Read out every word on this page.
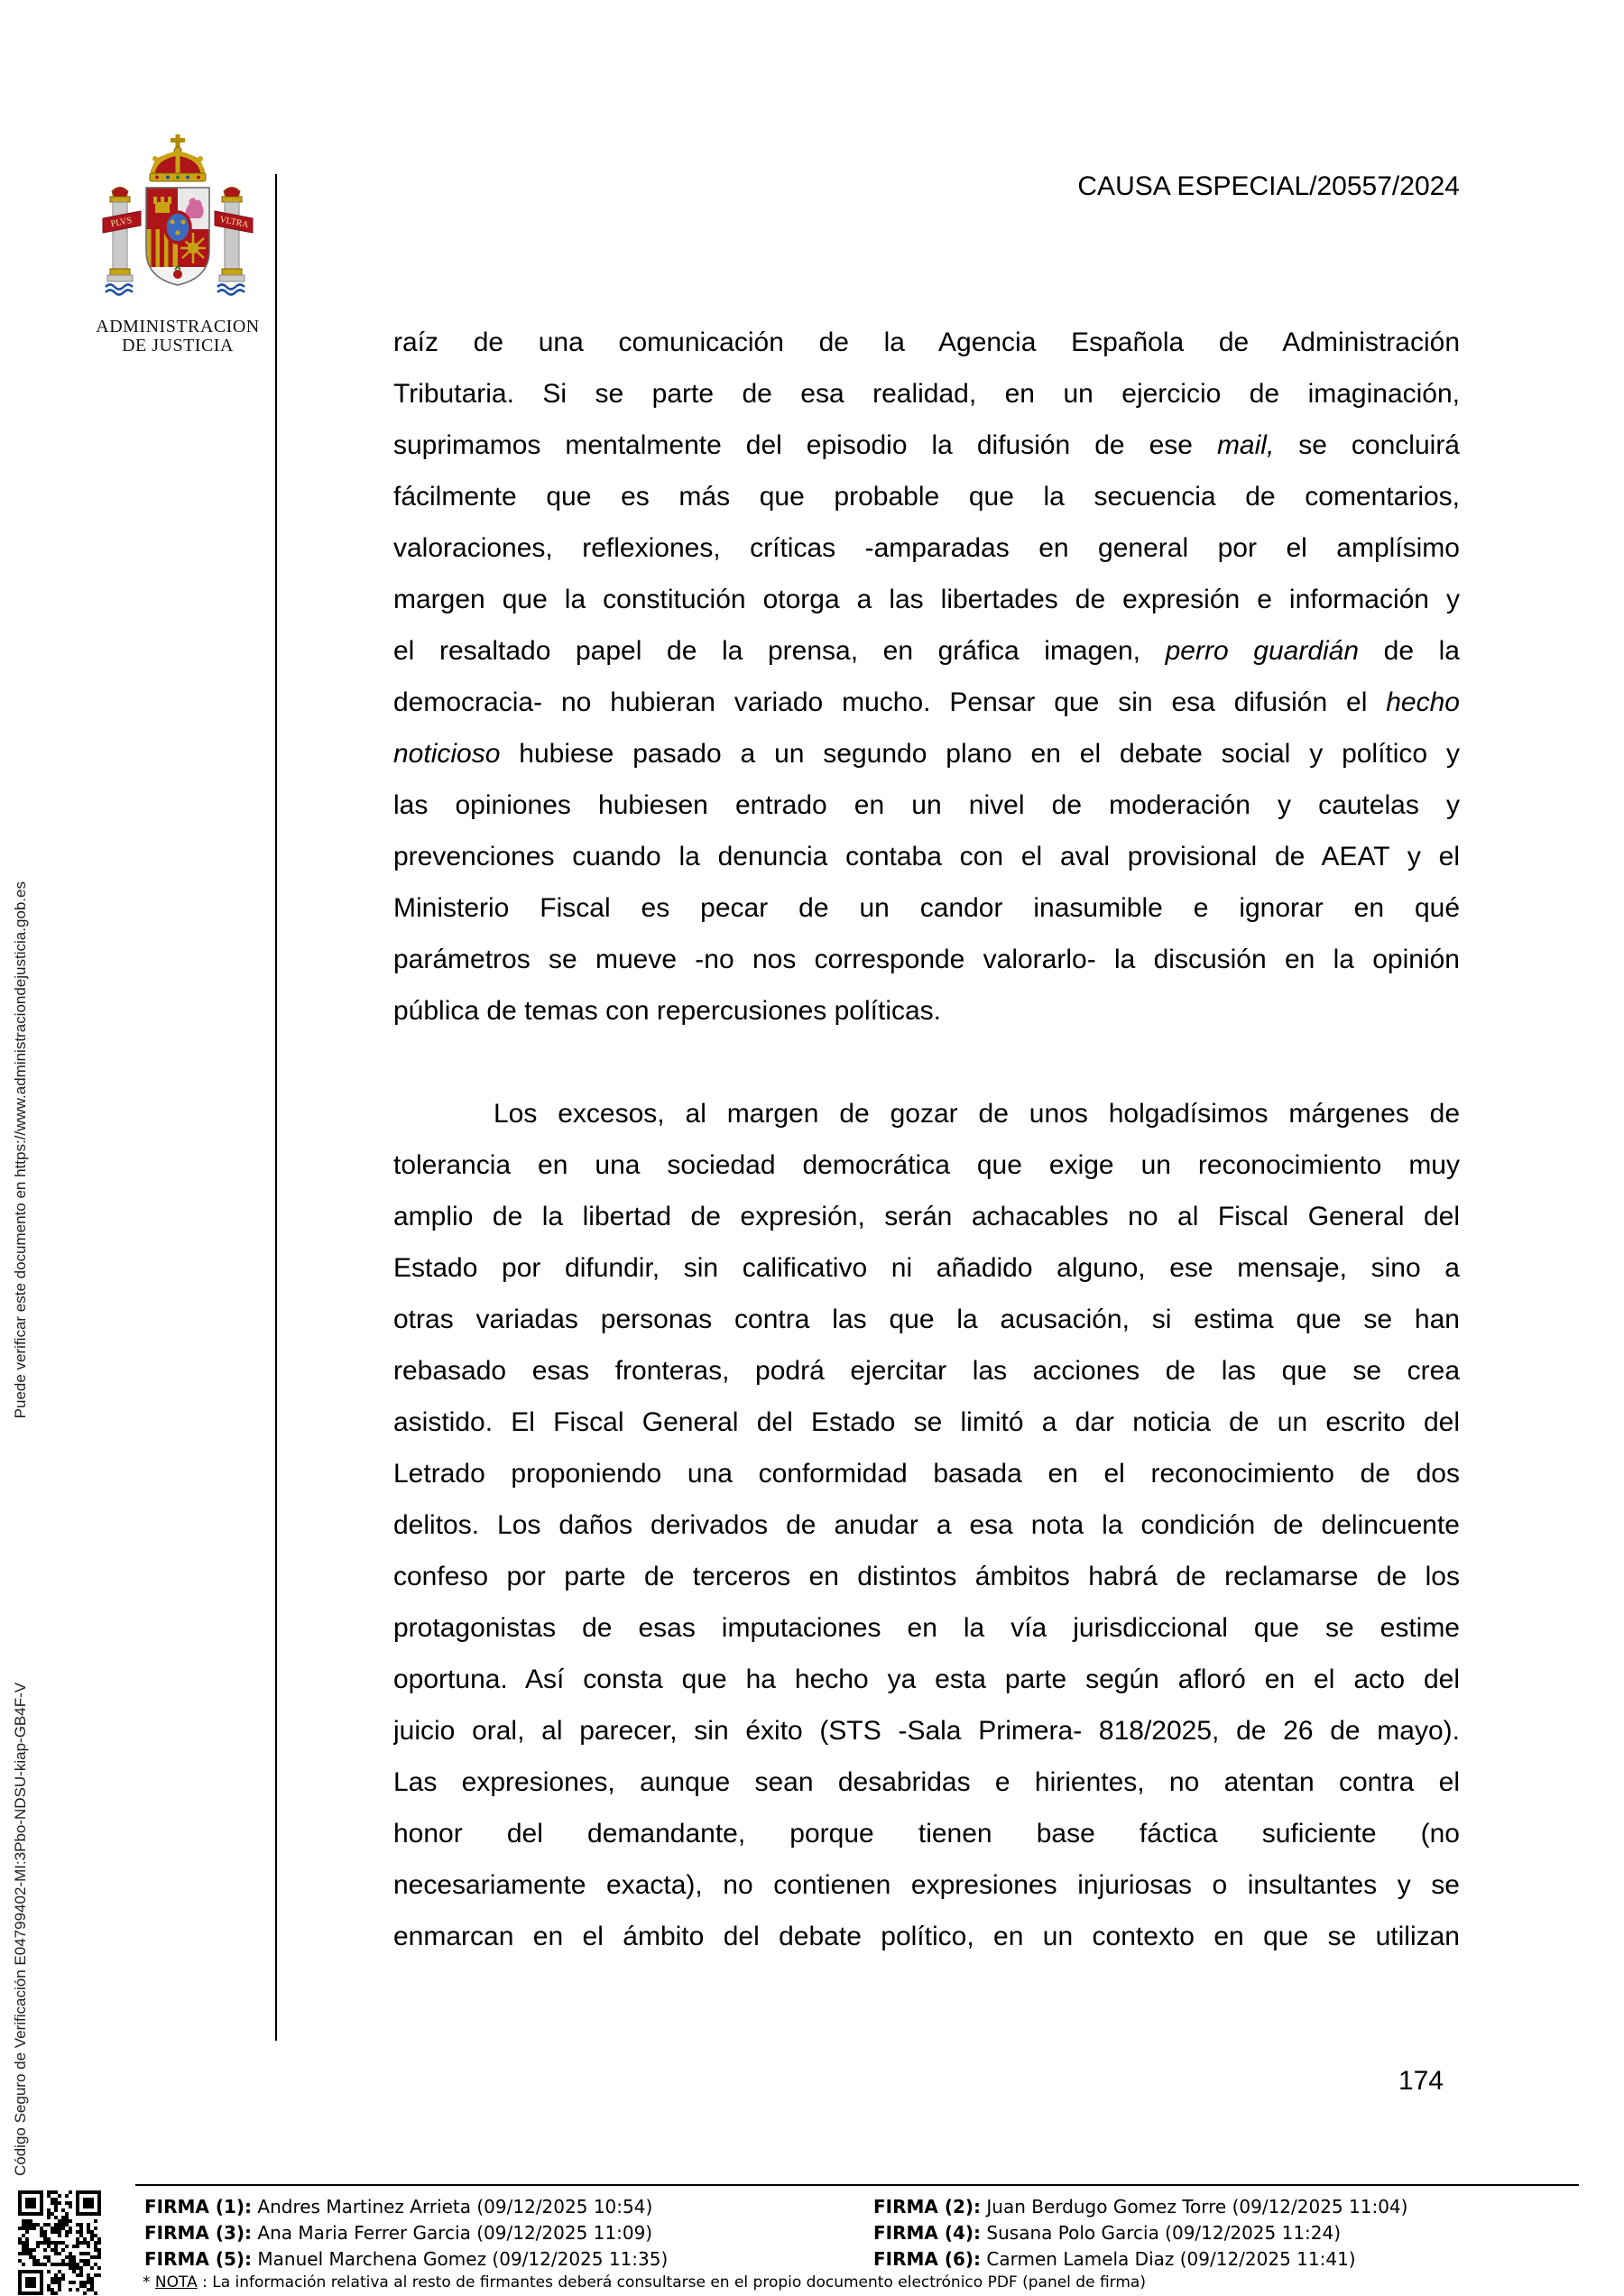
Código Seguro de Verificación E04799402-MI:3Pbo-NDSU-kiap-GB4F-V
Puede verificar este documento en https://www.administraciondejusticia.gob.es
PLVS	VLTRA
ADMINISTRACION
DE JUSTICIA
CAUSA ESPECIAL/20557/2024
raíz de una comunicación de la Agencia Española de Administración
Tributaria. Si se parte de esa realidad, en un ejercicio de imaginación,
suprimamos mentalmente del episodio la difusión de ese mail, se concluirá
fácilmente que es más que probable que la secuencia de comentarios,
valoraciones, reflexiones, críticas -amparadas en general por el amplísimo
margen que la constitución otorga a las libertades de expresión e información y
el resaltado papel de la prensa, en gráfica imagen, perro guardián de la
democracia- no hubieran variado mucho. Pensar que sin esa difusión el hecho
noticioso hubiese pasado a un segundo plano en el debate social y político y
las opiniones hubiesen entrado en un nivel de moderación y cautelas y
prevenciones cuando la denuncia contaba con el aval provisional de AEAT y el
Ministerio Fiscal es pecar de un candor inasumible e ignorar en qué
parámetros se mueve -no nos corresponde valorarlo- la discusión en la opinión
pública de temas con repercusiones políticas.
Los excesos, al margen de gozar de unos holgadísimos márgenes de
tolerancia en una sociedad democrática que exige un reconocimiento muy
amplio de la libertad de expresión, serán achacables no al Fiscal General del
Estado por difundir, sin calificativo ni añadido alguno, ese mensaje, sino a
otras variadas personas contra las que la acusación, si estima que se han
rebasado esas fronteras, podrá ejercitar las acciones de las que se crea
asistido. El Fiscal General del Estado se limitó a dar noticia de un escrito del
Letrado proponiendo una conformidad basada en el reconocimiento de dos
delitos. Los daños derivados de anudar a esa nota la condición de delincuente
confeso por parte de terceros en distintos ámbitos habrá de reclamarse de los
protagonistas de esas imputaciones en la vía jurisdiccional que se estime
oportuna. Así consta que ha hecho ya esta parte según afloró en el acto del
juicio oral, al parecer, sin éxito (STS -Sala Primera- 818/2025, de 26 de mayo).
Las expresiones, aunque sean desabridas e hirientes, no atentan contra el
honor del demandante, porque tienen base fáctica suficiente (no
necesariamente exacta), no contienen expresiones injuriosas o insultantes y se
enmarcan en el ámbito del debate político, en un contexto en que se utilizan
174
FIRMA (1): Andres Martinez Arrieta (09/12/2025 10:54)
FIRMA (3): Ana Maria Ferrer Garcia (09/12/2025 11:09)
FIRMA (5): Manuel Marchena Gomez (09/12/2025 11:35)
FIRMA (2): Juan Berdugo Gomez Torre (09/12/2025 11:04)
FIRMA (4): Susana Polo Garcia (09/12/2025 11:24)
FIRMA (6): Carmen Lamela Diaz (09/12/2025 11:41)
* NOTA : La información relativa al resto de firmantes deberá consultarse en el propio documento electrónico PDF (panel de firma)
